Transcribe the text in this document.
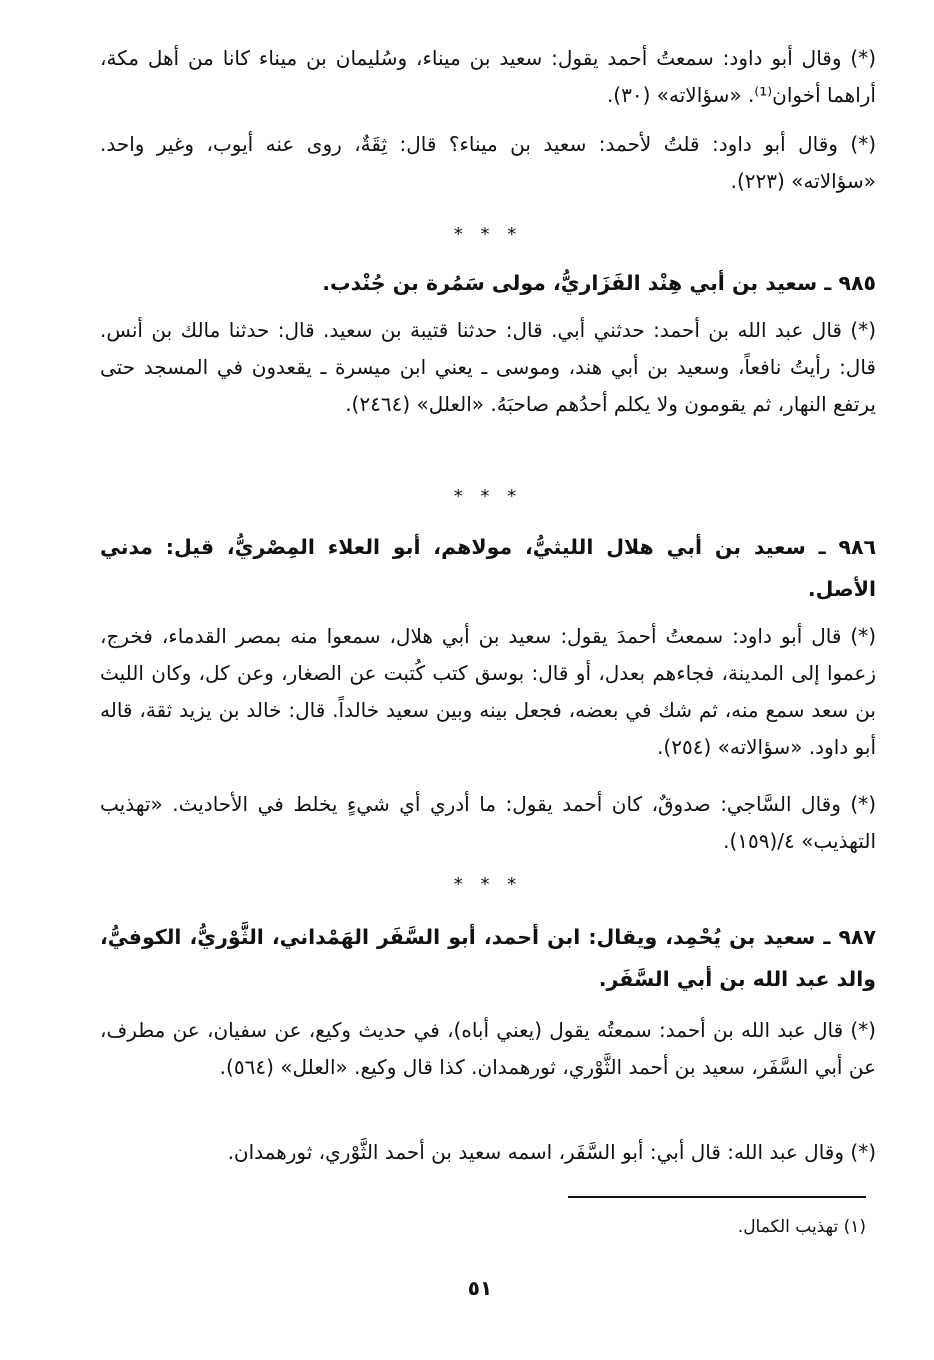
(*) وقال أبو داود: سمعتُ أحمد يقول: سعيد بن ميناء، وسُليمان بن ميناء كانا من أهل مكة، أراهما أخوان⁽¹⁾. «سؤالاته» (٣٠).

(*) وقال أبو داود: قلتُ لأحمد: سعيد بن ميناء؟ قال: ثِقَةٌ، روى عنه أيوب، وغير واحد. «سؤالاته» (٢٢٣).

* * *

٩٨٥ ـ سعيد بن أبي هِنْد الفَزَاريُّ، مولى سَمُرة بن جُنْدب.

(*) قال عبد الله بن أحمد: حدثني أبي. قال: حدثنا قتيبة بن سعيد. قال: حدثنا مالك بن أنس. قال: رأيتُ نافعاً، وسعيد بن أبي هند، وموسى ـ يعني ابن ميسرة ـ يقعدون في المسجد حتى يرتفع النهار، ثم يقومون ولا يكلم أحدُهم صاحبَهُ. «العلل» (٢٤٦٤).

* * *

٩٨٦ ـ سعيد بن أبي هلال الليثيُّ، مولاهم، أبو العلاء المِصْريُّ، قيل: مدني الأصل.

(*) قال أبو داود: سمعتُ أحمدَ يقول: سعيد بن أبي هلال، سمعوا منه بمصر القدماء، فخرج، زعموا إلى المدينة، فجاءهم بعدل، أو قال: بوسق كتب كُتبت عن الصغار، وعن كل، وكان الليث بن سعد سمع منه، ثم شك في بعضه، فجعل بينه وبين سعيد خالداً. قال: خالد بن يزيد ثقة، قاله أبو داود. «سؤالاته» (٢٥٤).

(*) وقال السَّاجي: صدوقٌ، كان أحمد يقول: ما أدري أي شيءٍ يخلط في الأحاديث. «تهذيب التهذيب» ٤/(١٥٩).

* * *

٩٨٧ ـ سعيد بن يُحْمِد، ويقال: ابن أحمد، أبو السَّفَر الهَمْداني، الثَّوْريُّ، الكوفيُّ، والد عبد الله بن أبي السَّفَر.

(*) قال عبد الله بن أحمد: سمعتُه يقول (يعني أباه)، في حديث وكيع، عن سفيان، عن مطرف، عن أبي السَّفَر، سعيد بن أحمد الثَّوْري، ثورهمدان. كذا قال وكيع. «العلل» (٥٦٤).

(*) وقال عبد الله: قال أبي: أبو السَّفَر، اسمه سعيد بن أحمد الثَّوْري، ثورهمدان.

(١) تهذيب الكمال.
٥١
